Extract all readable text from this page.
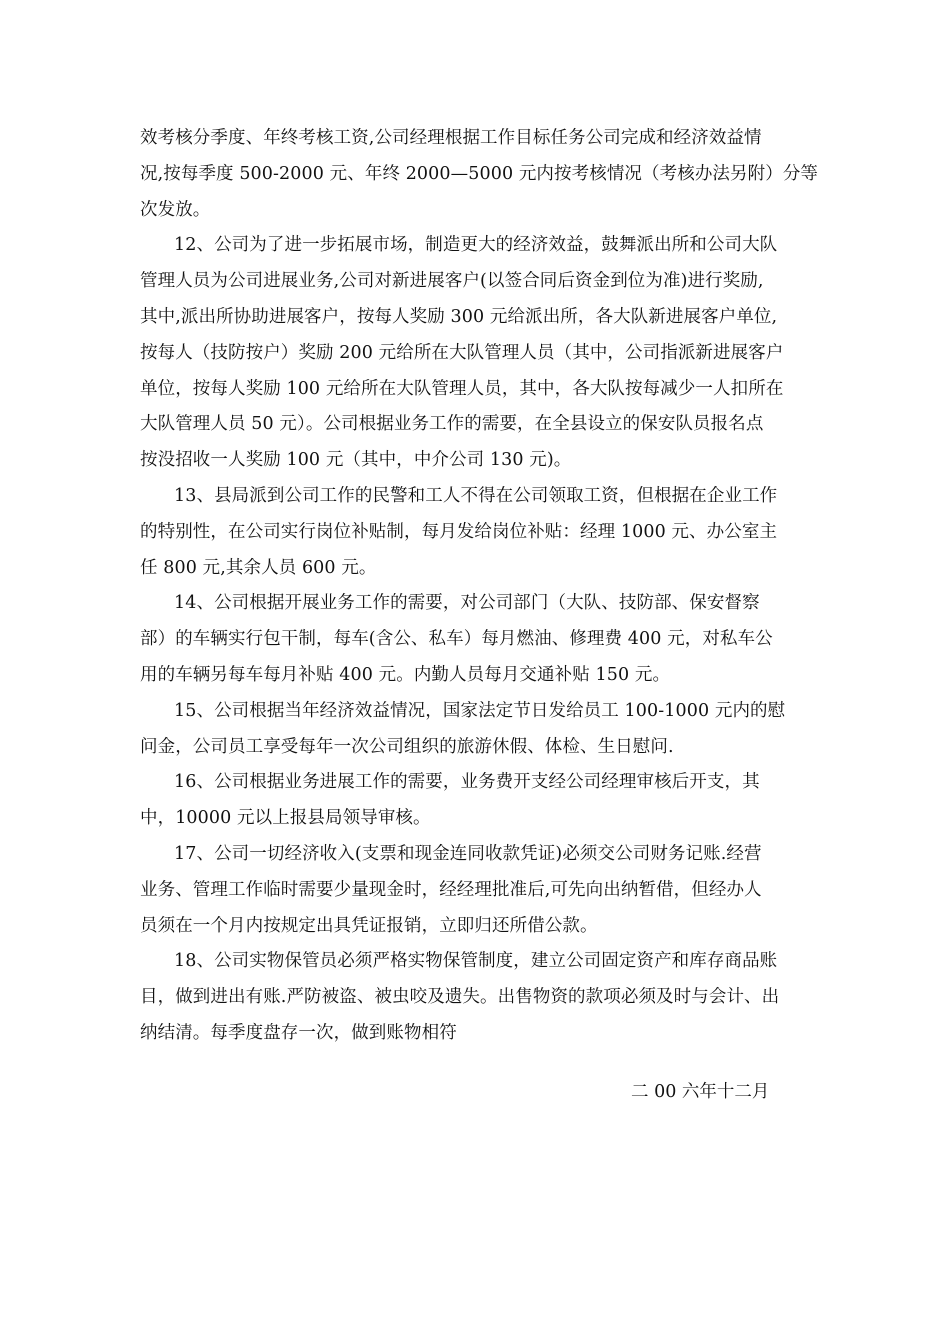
效考核分季度、年终考核工资,公司经理根据工作目标任务公司完成和经济效益情
况,按每季度 500-2000 元、年终 2000—5000 元内按考核情况（考核办法另附）分等
次发放。
12、公司为了进一步拓展市场，制造更大的经济效益，鼓舞派出所和公司大队
管理人员为公司进展业务,公司对新进展客户(以签合同后资金到位为准)进行奖励,
其中,派出所协助进展客户，按每人奖励 300 元给派出所，各大队新进展客户单位,
按每人（技防按户）奖励 200 元给所在大队管理人员（其中，公司指派新进展客户
单位，按每人奖励 100 元给所在大队管理人员，其中，各大队按每减少一人扣所在
大队管理人员 50 元）。公司根据业务工作的需要，在全县设立的保安队员报名点
按没招收一人奖励 100 元（其中，中介公司 130 元)。
13、县局派到公司工作的民警和工人不得在公司领取工资，但根据在企业工作
的特别性，在公司实行岗位补贴制，每月发给岗位补贴：经理 1000 元、办公室主
任 800 元,其余人员 600 元。
14、公司根据开展业务工作的需要，对公司部门（大队、技防部、保安督察
部）的车辆实行包干制，每车(含公、私车）每月燃油、修理费 400 元，对私车公
用的车辆另每车每月补贴 400 元。内勤人员每月交通补贴 150 元。
15、公司根据当年经济效益情况，国家法定节日发给员工 100-1000 元内的慰
问金，公司员工享受每年一次公司组织的旅游休假、体检、生日慰问.
16、公司根据业务进展工作的需要，业务费开支经公司经理审核后开支，其
中，10000 元以上报县局领导审核。
17、公司一切经济收入(支票和现金连同收款凭证)必须交公司财务记账.经营
业务、管理工作临时需要少量现金时，经经理批准后,可先向出纳暂借，但经办人
员须在一个月内按规定出具凭证报销，立即归还所借公款。
18、公司实物保管员必须严格实物保管制度，建立公司固定资产和库存商品账
目，做到进出有账.严防被盗、被虫咬及遗失。出售物资的款项必须及时与会计、出
纳结清。每季度盘存一次，做到账物相符
二 00 六年十二月
